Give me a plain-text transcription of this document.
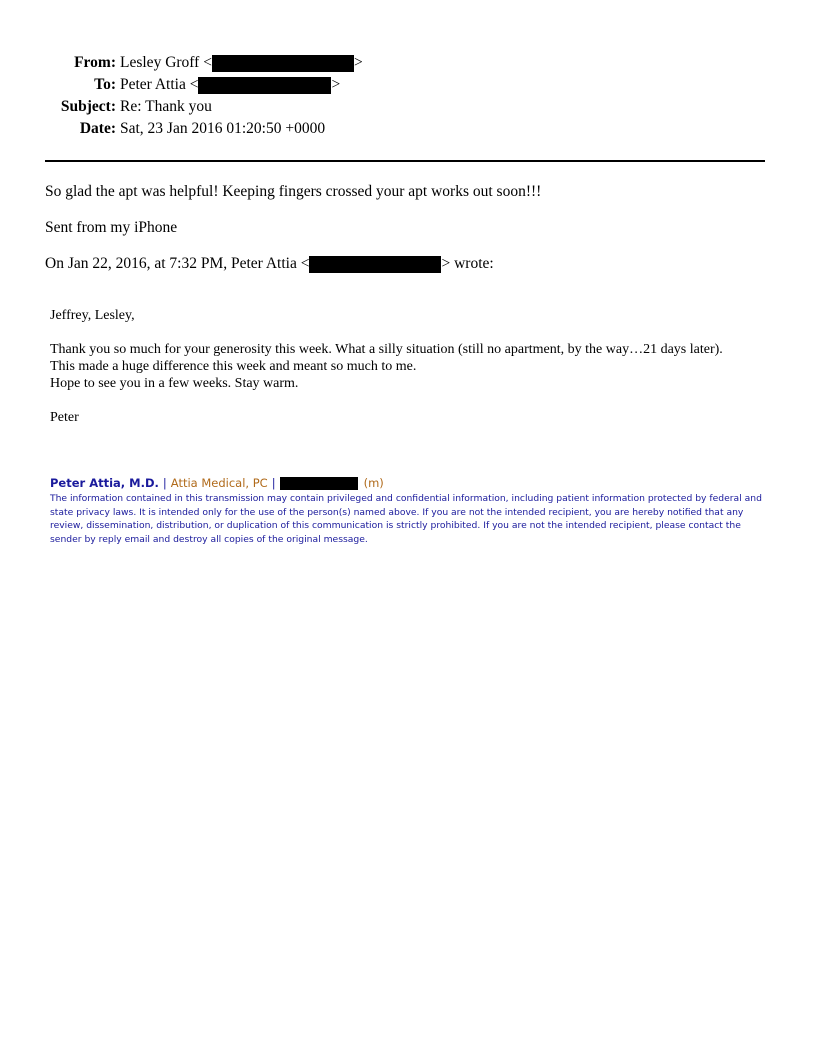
From: Lesley Groff <	>
To: Peter Attia <	>
Subject: Re: Thank you
Date: Sat, 23 Jan 2016 01:20:50 +0000
So glad the apt was helpful! Keeping fingers crossed your apt works out soon!!!
Sent from my iPhone
On Jan 22, 2016, at 7:32 PM, Peter Attia <	> wrote:

Jeffrey, Lesley,

Thank you so much for your generosity this week. What a silly situation (still no apartment, by the way…21 days later).

This made a huge difference this week and meant so much to me.

Hope to see you in a few weeks. Stay warm.

Peter

Peter Attia, M.D. | Attia Medical, PC |	(m)
The information contained in this transmission may contain privileged and confidential information, including patient information protected by federal and state privacy laws. It is intended only for the use of the person(s) named above. If you are not the intended recipient, you are hereby notified that any review, dissemination, distribution, or duplication of this communication is strictly prohibited. If you are not the intended recipient, please contact the sender by reply email and destroy all copies of the original message.
